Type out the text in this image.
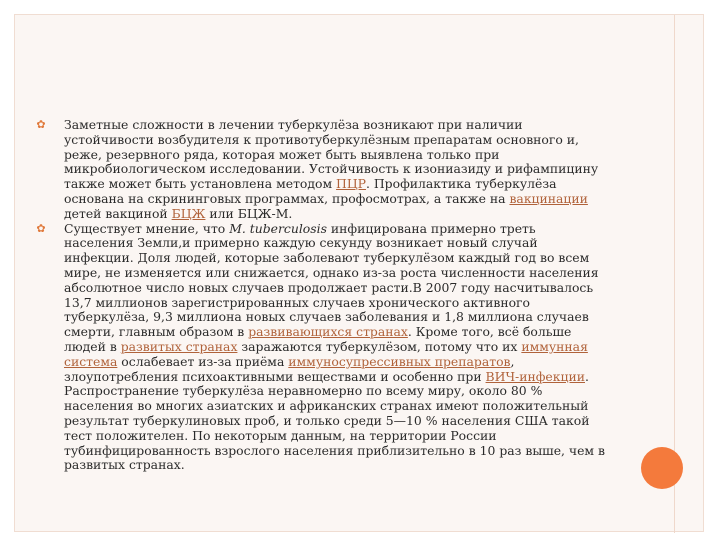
✿ Заметные сложности в лечении туберкулёза возникают при наличии устойчивости возбудителя к противотуберкулёзным препаратам основного и, реже, резервного ряда, которая может быть выявлена только при микробиологическом исследовании. Устойчивость к изониазиду и рифампицину также может быть установлена методом ПЦР. Профилактика туберкулёза основана на скрининговых программах, профосмотрах, а также на вакцинации детей вакциной БЦЖ или БЦЖ-М.
✿ Существует мнение, что M. tuberculosis инфицирована примерно треть населения Земли,и примерно каждую секунду возникает новый случай инфекции. Доля людей, которые заболевают туберкулёзом каждый год во всем мире, не изменяется или снижается, однако из-за роста численности населения абсолютное число новых случаев продолжает расти.В 2007 году насчитывалось 13,7 миллионов зарегистрированных случаев хронического активного туберкулёза, 9,3 миллиона новых случаев заболевания и 1,8 миллиона случаев смерти, главным образом в развивающихся странах. Кроме того, всё больше людей в развитых странах заражаются туберкулёзом, потому что их иммунная система ослабевает из-за приёма иммуносупрессивных препаратов, злоупотребления психоактивными веществами и особенно при ВИЧ-инфекции. Распространение туберкулёза неравномерно по всему миру, около 80 % населения во многих азиатских и африканских странах имеют положительный результат туберкулиновых проб, и только среди 5—10 % населения США такой тест положителен. По некоторым данным, на территории России тубинфицированность взрослого населения приблизительно в 10 раз выше, чем в развитых странах.
